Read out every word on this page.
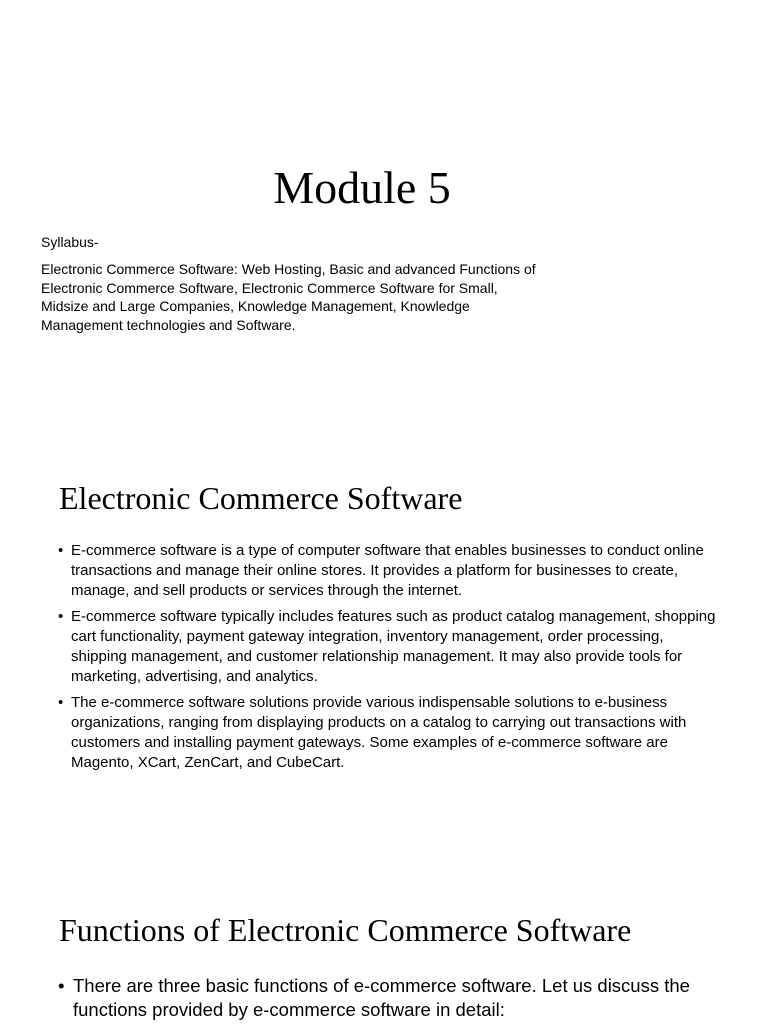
Module 5

Syllabus-

Electronic Commerce Software: Web Hosting, Basic and advanced Functions of Electronic Commerce Software, Electronic Commerce Software for Small, Midsize and Large Companies, Knowledge Management, Knowledge Management technologies and Software.

Electronic Commerce Software
• E-commerce software is a type of computer software that enables businesses to conduct online transactions and manage their online stores. It provides a platform for businesses to create, manage, and sell products or services through the internet.
• E-commerce software typically includes features such as product catalog management, shopping cart functionality, payment gateway integration, inventory management, order processing, shipping management, and customer relationship management. It may also provide tools for marketing, advertising, and analytics.
• The e-commerce software solutions provide various indispensable solutions to e-business organizations, ranging from displaying products on a catalog to carrying out transactions with customers and installing payment gateways. Some examples of e-commerce software are Magento, XCart, ZenCart, and CubeCart.
Functions of Electronic Commerce Software
• There are three basic functions of e-commerce software. Let us discuss the functions provided by e-commerce software in detail:
